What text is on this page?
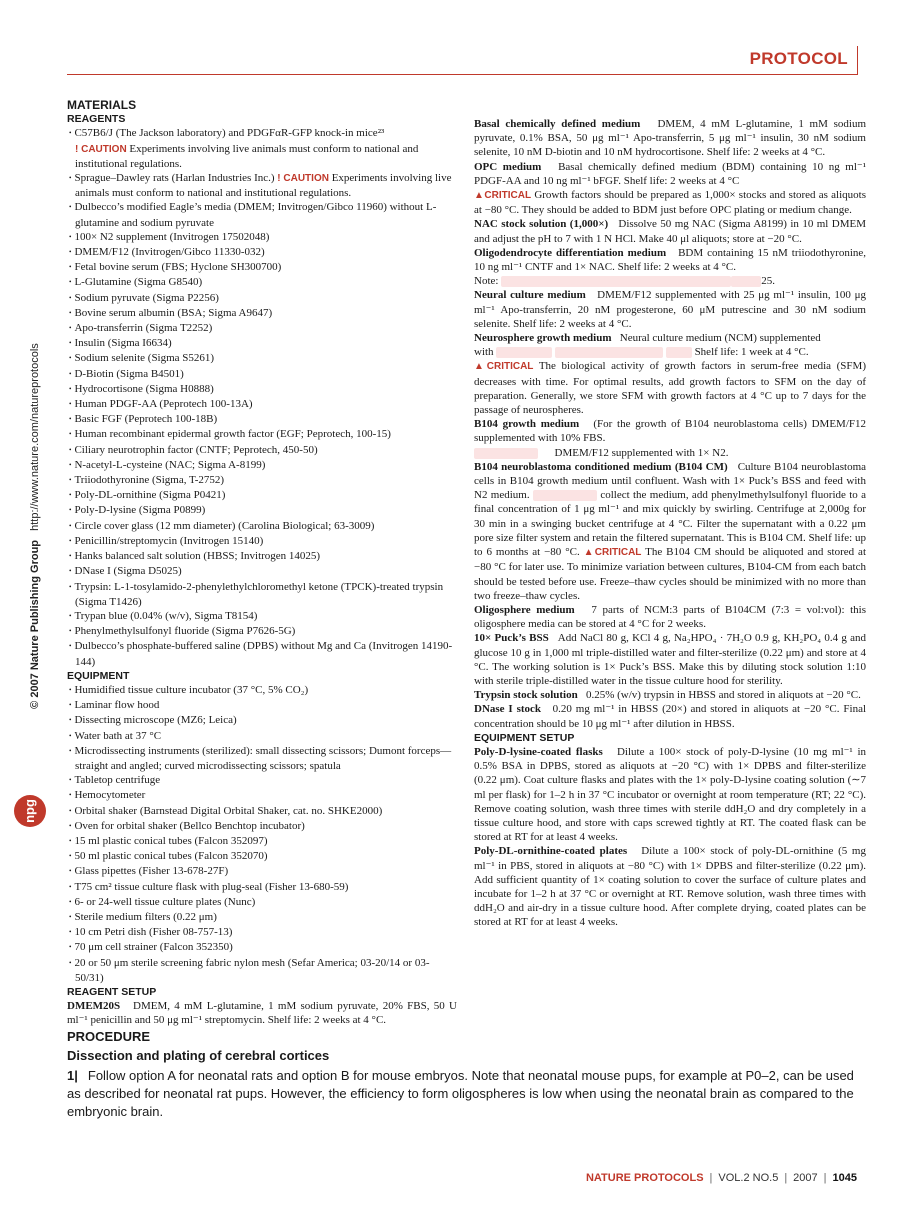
PROTOCOL
© 2007 Nature Publishing Group http://www.nature.com/natureprotocols
npg
MATERIALS
REAGENTS
• C57B6/J (The Jackson laboratory) and PDGFαR-GFP knock-in mice²³
! CAUTION Experiments involving live animals must conform to national and institutional regulations.
• Sprague–Dawley rats (Harlan Industries Inc.) ! CAUTION Experiments involving live animals must conform to national and institutional regulations.
• Dulbecco’s modified Eagle’s media (DMEM; Invitrogen/Gibco 11960) without L-glutamine and sodium pyruvate
• 100× N2 supplement (Invitrogen 17502048)
• DMEM/F12 (Invitrogen/Gibco 11330-032)
• Fetal bovine serum (FBS; Hyclone SH300700)
• L-Glutamine (Sigma G8540)
• Sodium pyruvate (Sigma P2256)
• Bovine serum albumin (BSA; Sigma A9647)
• Apo-transferrin (Sigma T2252)
• Insulin (Sigma I6634)
• Sodium selenite (Sigma S5261)
• D-Biotin (Sigma B4501)
• Hydrocortisone (Sigma H0888)
• Human PDGF-AA (Peprotech 100-13A)
• Basic FGF (Peprotech 100-18B)
• Human recombinant epidermal growth factor (EGF; Peprotech, 100-15)
• Ciliary neurotrophin factor (CNTF; Peprotech, 450-50)
• N-acetyl-L-cysteine (NAC; Sigma A-8199)
• Triiodothyronine (Sigma, T-2752)
• Poly-DL-ornithine (Sigma P0421)
• Poly-D-lysine (Sigma P0899)
• Circle cover glass (12 mm diameter) (Carolina Biological; 63-3009)
• Penicillin/streptomycin (Invitrogen 15140)
• Hanks balanced salt solution (HBSS; Invitrogen 14025)
• DNase I (Sigma D5025)
• Trypsin: L-1-tosylamido-2-phenylethylchloromethyl ketone (TPCK)-treated trypsin (Sigma T1426)
• Trypan blue (0.04% (w/v), Sigma T8154)
• Phenylmethylsulfonyl fluoride (Sigma P7626-5G)
• Dulbecco’s phosphate-buffered saline (DPBS) without Mg and Ca (Invitrogen 14190-144)
EQUIPMENT
• Humidified tissue culture incubator (37 °C, 5% CO₂)
• Laminar flow hood
• Dissecting microscope (MZ6; Leica)
• Water bath at 37 °C
• Microdissecting instruments (sterilized): small dissecting scissors; Dumont forceps—straight and angled; curved microdissecting scissors; spatula
• Tabletop centrifuge
• Hemocytometer
• Orbital shaker (Barnstead Digital Orbital Shaker, cat. no. SHKE2000)
• Oven for orbital shaker (Bellco Benchtop incubator)
• 15 ml plastic conical tubes (Falcon 352097)
• 50 ml plastic conical tubes (Falcon 352070)
• Glass pipettes (Fisher 13-678-27F)
• T75 cm² tissue culture flask with plug-seal (Fisher 13-680-59)
• 6- or 24-well tissue culture plates (Nunc)
• Sterile medium filters (0.22 μm)
• 10 cm Petri dish (Fisher 08-757-13)
• 70 μm cell strainer (Falcon 352350)
• 20 or 50 μm sterile screening fabric nylon mesh (Sefar America; 03-20/14 or 03-50/31)
REAGENT SETUP
DMEM20S DMEM, 4 mM L-glutamine, 1 mM sodium pyruvate, 20% FBS, 50 U ml⁻¹ penicillin and 50 μg ml⁻¹ streptomycin. Shelf life: 2 weeks at 4 °C.
Basal chemically defined medium DMEM, 4 mM L-glutamine, 1 mM sodium pyruvate, 0.1% BSA, 50 μg ml⁻¹ Apo-transferrin, 5 μg ml⁻¹ insulin, 30 nM sodium selenite, 10 nM D-biotin and 10 nM hydrocortisone. Shelf life: 2 weeks at 4 °C.
OPC medium Basal chemically defined medium (BDM) containing 10 ng ml⁻¹ PDGF-AA and 10 ng ml⁻¹ bFGF. Shelf life: 2 weeks at 4 °C
▲ CRITICAL Growth factors should be prepared as 1,000× stocks and stored as aliquots at −80 °C. They should be added to BDM just before OPC plating or medium change.
NAC stock solution (1,000×) Dissolve 50 mg NAC (Sigma A8199) in 10 ml DMEM and adjust the pH to 7 with 1 N HCl. Make 40 μl aliquots; store at −20 °C.
Oligodendrocyte differentiation medium BDM containing 15 nM triiodothyronine, 10 ng ml⁻¹ CNTF and 1× NAC. Shelf life: 2 weeks at 4 °C.
Note:	25.
Neural culture medium DMEM/F12 supplemented with 25 μg ml⁻¹ insulin, 100 μg ml⁻¹ Apo-transferrin, 20 nM progesterone, 60 μM putrescine and 30 nM sodium selenite. Shelf life: 2 weeks at 4 °C.
Neurosphere growth medium Neural culture medium (NCM) supplemented
with	Shelf life: 1 week at 4 °C.
▲ CRITICAL The biological activity of growth factors in serum-free media (SFM) decreases with time. For optimal results, add growth factors to SFM on the day of preparation. Generally, we store SFM with growth factors at 4 °C up to 7 days for the passage of neurospheres.
B104 growth medium (For the growth of B104 neuroblastoma cells) DMEM/F12 supplemented with 10% FBS.
DMEM/F12 supplemented with 1× N2.
B104 neuroblastoma conditioned medium (B104 CM) Culture B104 neuroblastoma cells in B104 growth medium until confluent. Wash with 1× Puck’s BSS and feed with N2 medium.	collect the medium, add phenylmethylsulfonyl fluoride to a final concentration of 1 μg ml⁻¹ and mix quickly by swirling. Centrifuge at 2,000g for 30 min in a swinging bucket centrifuge at 4 °C. Filter the supernatant with a 0.22 μm pore size filter system and retain the filtered supernatant. This is B104 CM. Shelf life: up to 6 months at −80 °C. ▲ CRITICAL The B104 CM should be aliquoted and stored at −80 °C for later use. To minimize variation between cultures, B104-CM from each batch should be tested before use. Freeze–thaw cycles should be minimized with no more than two freeze–thaw cycles.
Oligosphere medium 7 parts of NCM:3 parts of B104CM (7:3 = vol:vol): this oligosphere media can be stored at 4 °C for 2 weeks.
10× Puck’s BSS Add NaCl 80 g, KCl 4 g, Na₂HPO₄ · 7H₂O 0.9 g, KH₂PO₄ 0.4 g and glucose 10 g in 1,000 ml triple-distilled water and filter-sterilize (0.22 μm) and store at 4 °C. The working solution is 1× Puck’s BSS. Make this by diluting stock solution 1:10 with sterile triple-distilled water in the tissue culture hood for sterility.
Trypsin stock solution 0.25% (w/v) trypsin in HBSS and stored in aliquots at −20 °C.
DNase I stock 0.20 mg ml⁻¹ in HBSS (20×) and stored in aliquots at −20 °C. Final concentration should be 10 μg ml⁻¹ after dilution in HBSS.
EQUIPMENT SETUP
Poly-D-lysine-coated flasks Dilute a 100× stock of poly-D-lysine (10 mg ml⁻¹ in 0.5% BSA in DPBS, stored as aliquots at −20 °C) with 1× DPBS and filter-sterilize (0.22 μm). Coat culture flasks and plates with the 1× poly-D-lysine coating solution (∼7 ml per flask) for 1–2 h in 37 °C incubator or overnight at room temperature (RT; 22 °C). Remove coating solution, wash three times with sterile ddH₂O and dry completely in a tissue culture hood, and store with caps screwed tightly at RT. The coated flask can be stored at RT for at least 4 weeks.
Poly-DL-ornithine-coated plates Dilute a 100× stock of poly-DL-ornithine (5 mg ml⁻¹ in PBS, stored in aliquots at −80 °C) with 1× DPBS and filter-sterilize (0.22 μm). Add sufficient quantity of 1× coating solution to cover the surface of culture plates and incubate for 1–2 h at 37 °C or overnight at RT. Remove solution, wash three times with ddH₂O and air-dry in a tissue culture hood. After complete drying, coated plates can be stored at RT for at least 4 weeks.
PROCEDURE
Dissection and plating of cerebral cortices
1| Follow option A for neonatal rats and option B for mouse embryos. Note that neonatal mouse pups, for example at P0–2, can be used as described for neonatal rat pups. However, the efficiency to form oligospheres is low when using the neonatal brain as compared to the embryonic brain.
NATURE PROTOCOLS | VOL.2 NO.5 | 2007 | 1045
